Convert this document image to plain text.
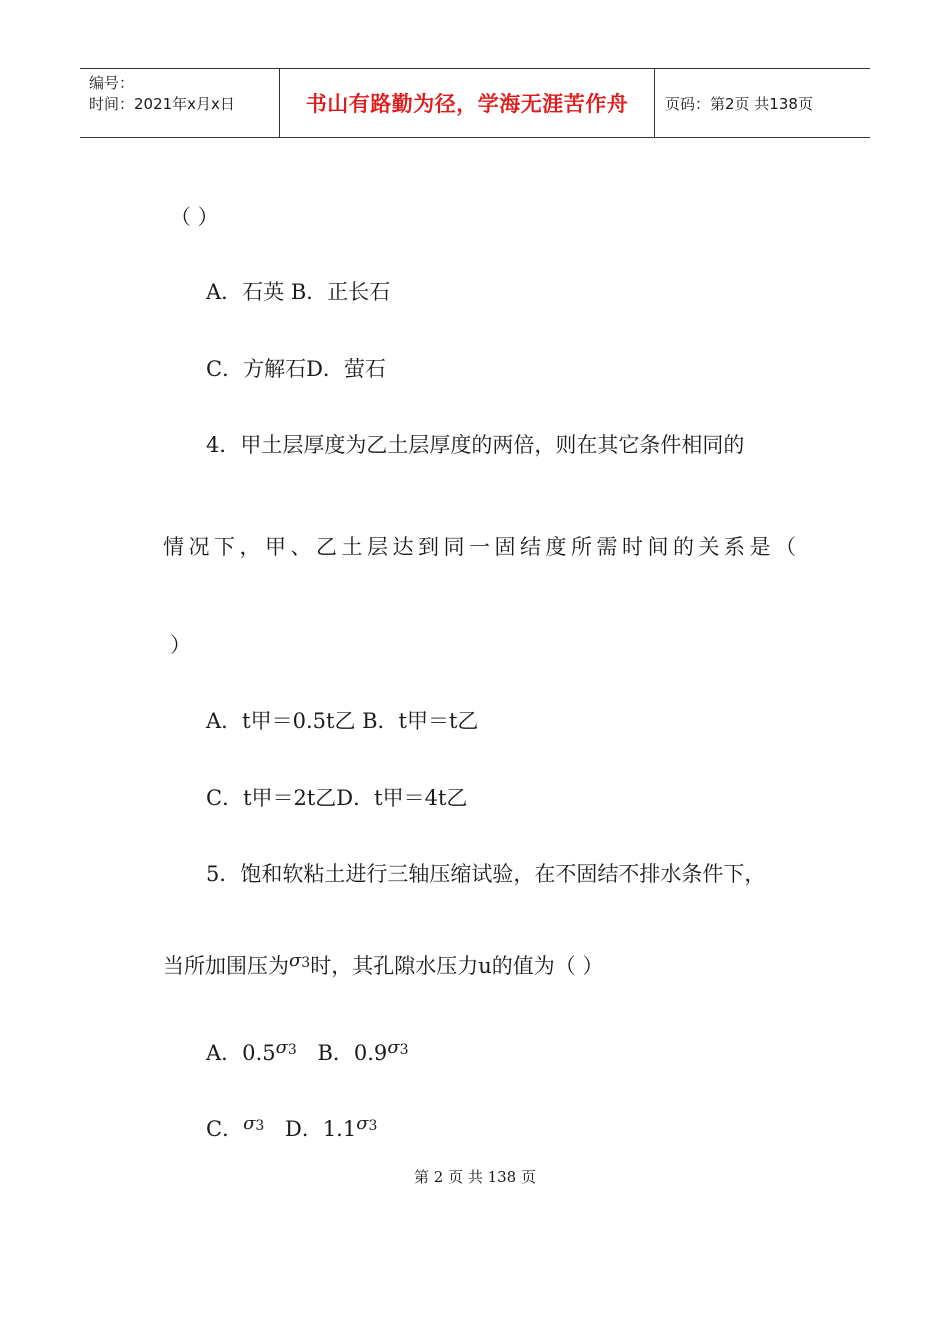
编号：
时间：2021年x月x日	书山有路勤为径，学海无涯苦作舟	页码：第2页 共138页
（ ）
A．石英 B．正长石
C．方解石D．萤石
4．甲土层厚度为乙土层厚度的两倍，则在其它条件相同的
情况下，甲、乙土层达到同一固结度所需时间的关系是（
）
A．t甲＝0.5t乙 B．t甲＝t乙
C．t甲＝2t乙D．t甲＝4t乙
5．饱和软粘土进行三轴压缩试验，在不固结不排水条件下，
当所加围压为$\sigma^3$时，其孔隙水压力u的值为（ ）
A．$0.5\sigma^3$ B．$0.9\sigma^3$
C．$\sigma^3$ D．$1.1\sigma^3$
第 2 页 共 138 页
